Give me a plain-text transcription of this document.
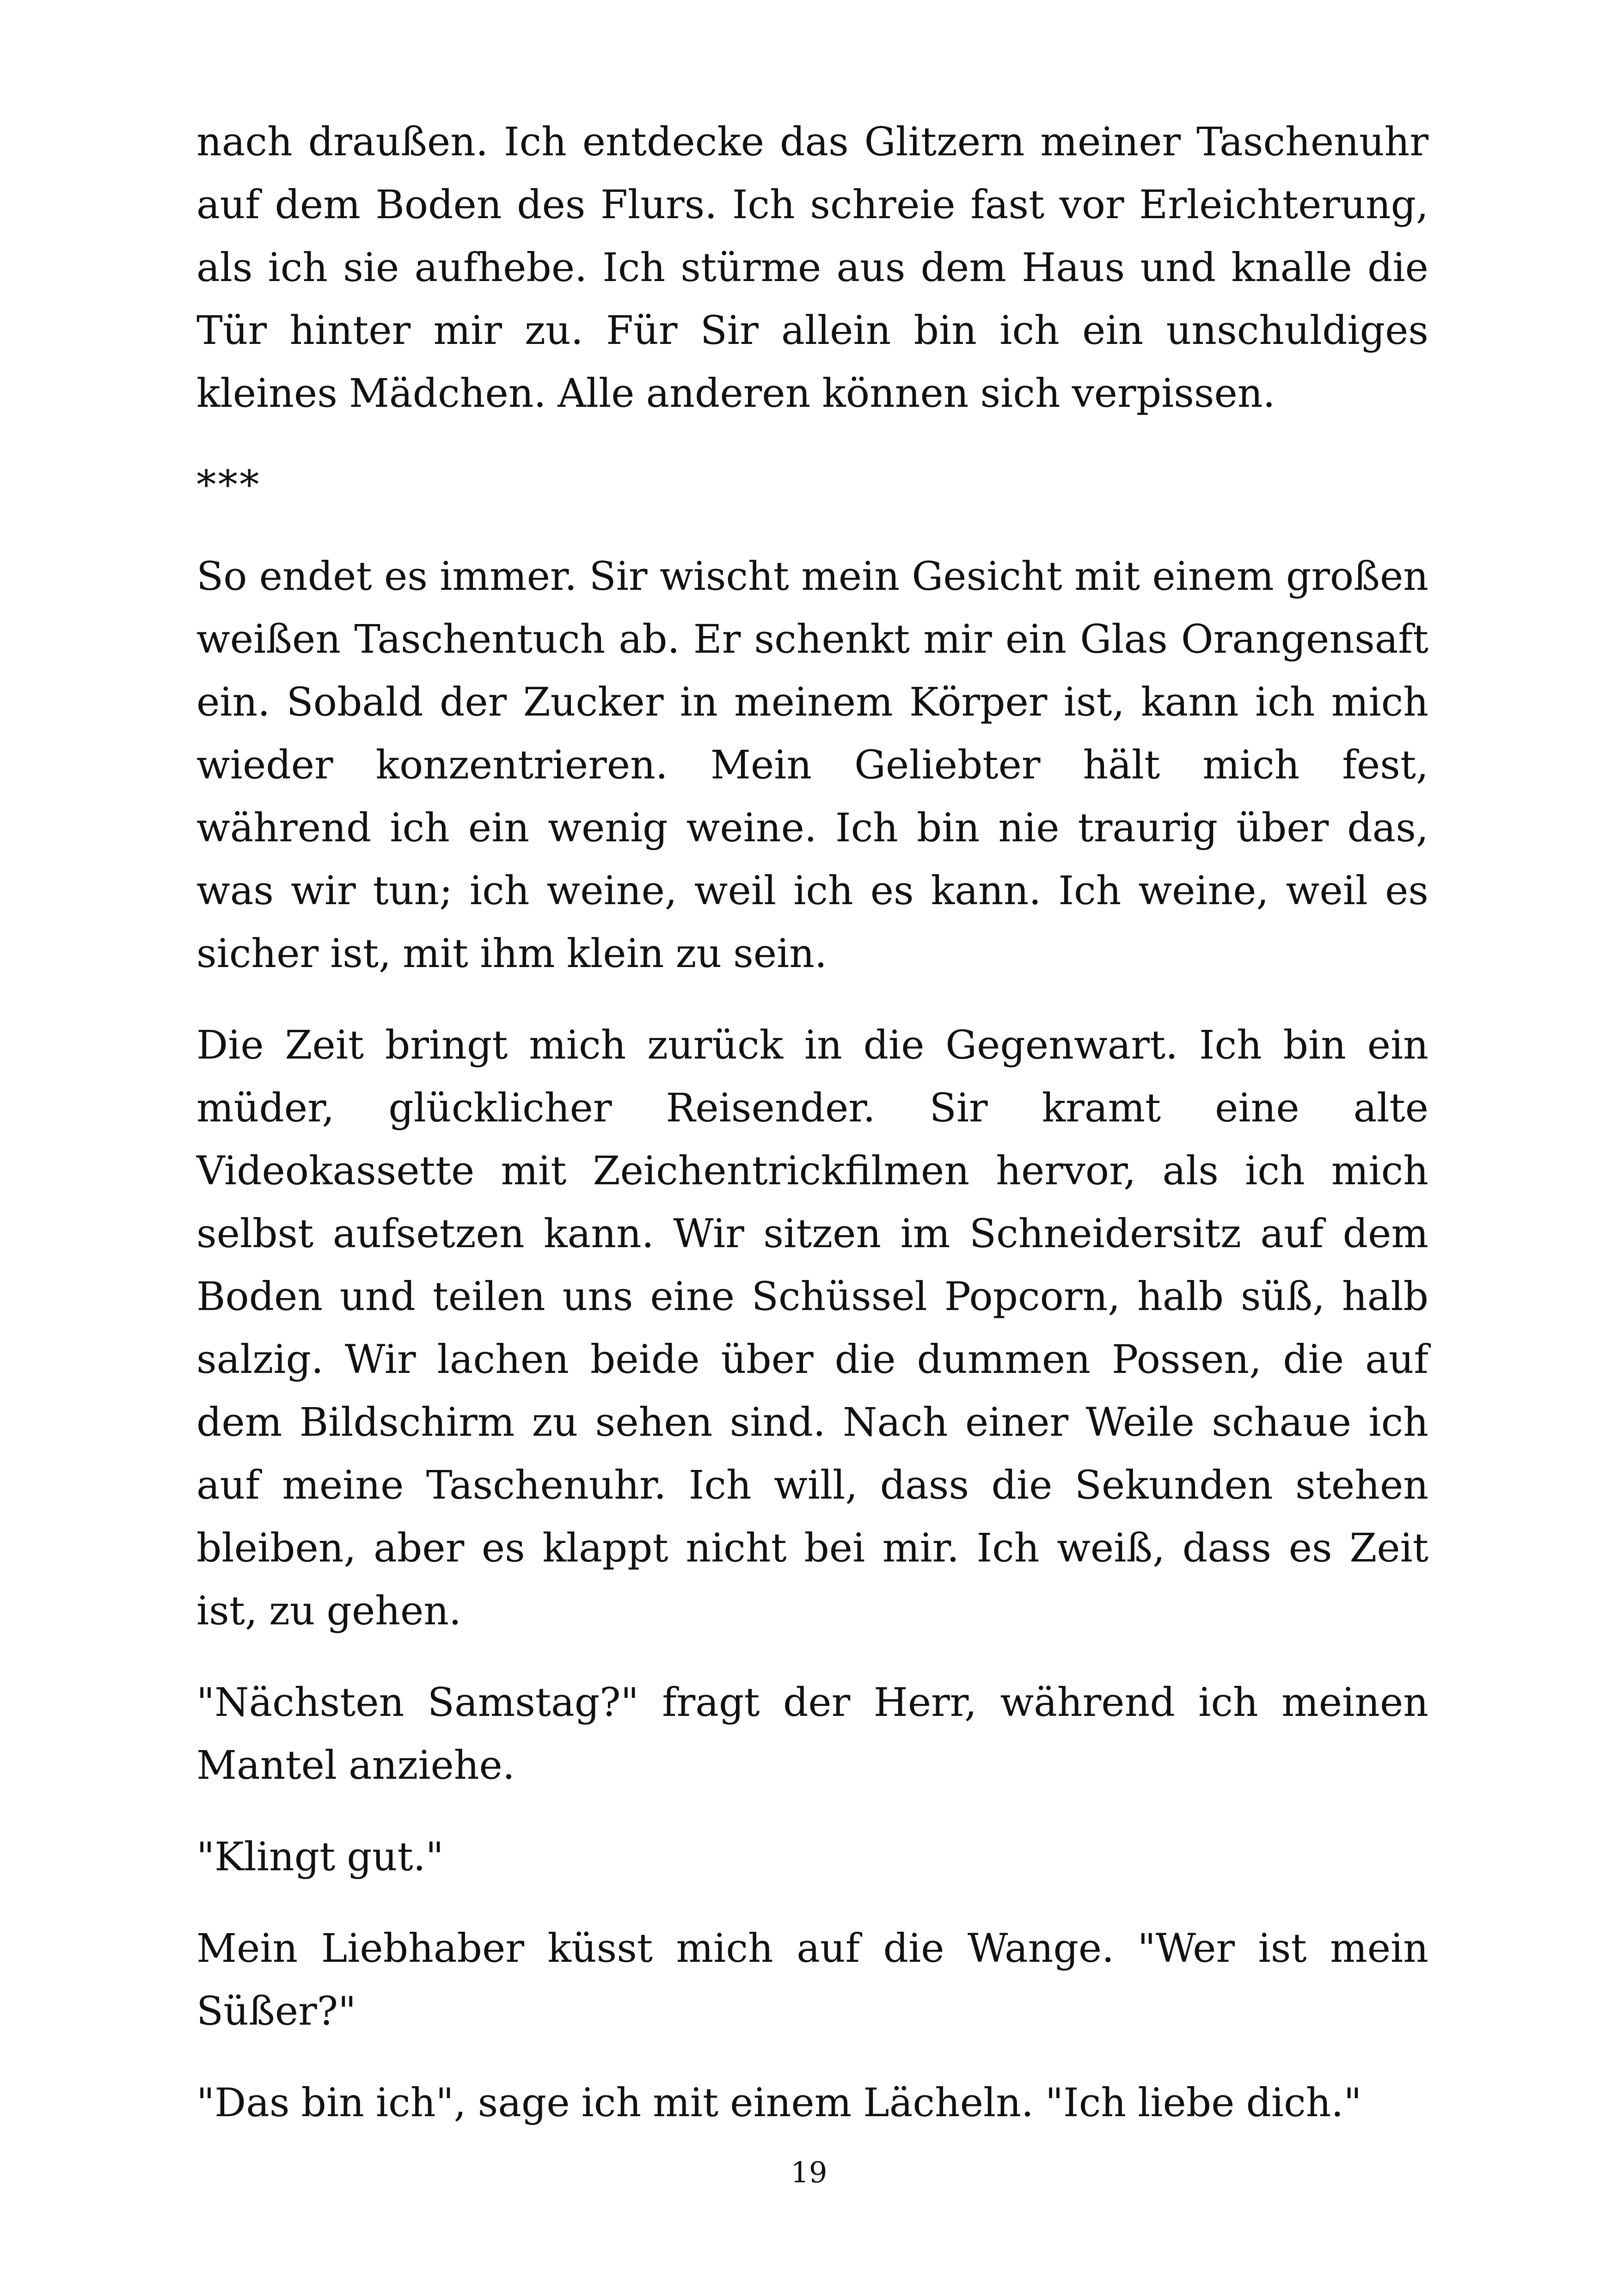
nach draußen. Ich entdecke das Glitzern meiner Taschenuhr auf dem Boden des Flurs. Ich schreie fast vor Erleichterung, als ich sie aufhebe. Ich stürme aus dem Haus und knalle die Tür hinter mir zu. Für Sir allein bin ich ein unschuldiges kleines Mädchen. Alle anderen können sich verpissen.

***

So endet es immer. Sir wischt mein Gesicht mit einem großen weißen Taschentuch ab. Er schenkt mir ein Glas Orangensaft ein. Sobald der Zucker in meinem Körper ist, kann ich mich wieder konzentrieren. Mein Geliebter hält mich fest, während ich ein wenig weine. Ich bin nie traurig über das, was wir tun; ich weine, weil ich es kann. Ich weine, weil es sicher ist, mit ihm klein zu sein.

Die Zeit bringt mich zurück in die Gegenwart. Ich bin ein müder, glücklicher Reisender. Sir kramt eine alte Videokassette mit Zeichentrickfilmen hervor, als ich mich selbst aufsetzen kann. Wir sitzen im Schneidersitz auf dem Boden und teilen uns eine Schüssel Popcorn, halb süß, halb salzig. Wir lachen beide über die dummen Possen, die auf dem Bildschirm zu sehen sind. Nach einer Weile schaue ich auf meine Taschenuhr. Ich will, dass die Sekunden stehen bleiben, aber es klappt nicht bei mir. Ich weiß, dass es Zeit ist, zu gehen.

"Nächsten Samstag?" fragt der Herr, während ich meinen Mantel anziehe.

"Klingt gut."

Mein Liebhaber küsst mich auf die Wange. "Wer ist mein Süßer?"

"Das bin ich", sage ich mit einem Lächeln. "Ich liebe dich."

19
